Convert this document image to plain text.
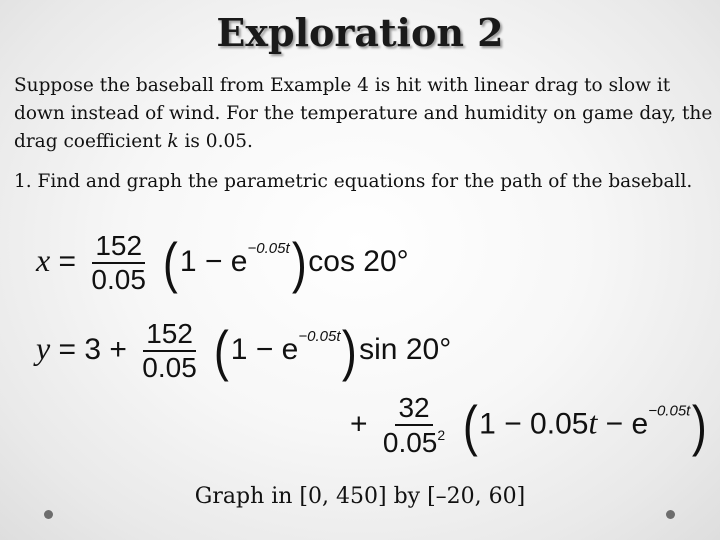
Exploration 2
Suppose the baseball from Example 4 is hit with linear drag to slow it down instead of wind. For the temperature and humidity on game day, the drag coefficient k is 0.05.
1. Find and graph the parametric equations for the path of the baseball.
$x = \frac{152}{0.05} (1 - e^{-0.05t})\cos$ 20°
$y = 3 + \frac{152}{0.05} (1 - e^{-0.05t})\sin$ 20°
+ $\frac{32}{0.05^2} (1 - 0.05t - e^{-0.05t})$
Graph in [0, 450] by [–20, 60]
